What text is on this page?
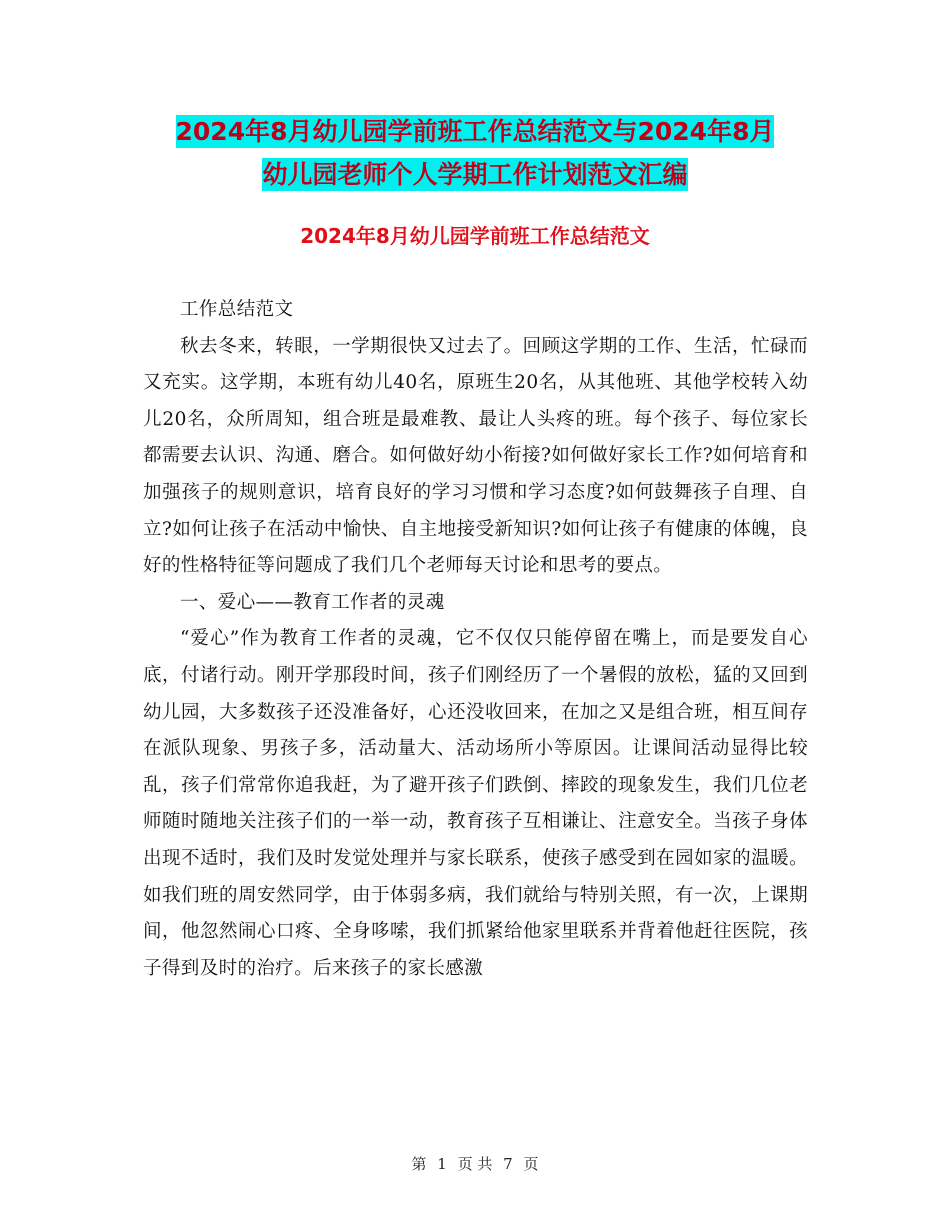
2024年8月幼儿园学前班工作总结范文与2024年8月
幼儿园老师个人学期工作计划范文汇编
2024年8月幼儿园学前班工作总结范文

工作总结范文

秋去冬来，转眼，一学期很快又过去了。回顾这学期的工作、生活，忙碌而又充实。这学期，本班有幼儿40名，原班生20名，从其他班、其他学校转入幼儿20名，众所周知，组合班是最难教、最让人头疼的班。每个孩子、每位家长都需要去认识、沟通、磨合。如何做好幼小衔接?如何做好家长工作?如何培育和加强孩子的规则意识，培育良好的学习习惯和学习态度?如何鼓舞孩子自理、自立?如何让孩子在活动中愉快、自主地接受新知识?如何让孩子有健康的体魄，良好的性格特征等问题成了我们几个老师每天讨论和思考的要点。

一、爱心——教育工作者的灵魂

“爱心”作为教育工作者的灵魂，它不仅仅只能停留在嘴上，而是要发自心底，付诸行动。刚开学那段时间，孩子们刚经历了一个暑假的放松，猛的又回到幼儿园，大多数孩子还没准备好，心还没收回来，在加之又是组合班，相互间存在派队现象、男孩子多，活动量大、活动场所小等原因。让课间活动显得比较乱，孩子们常常你追我赶，为了避开孩子们跌倒、摔跤的现象发生，我们几位老师随时随地关注孩子们的一举一动，教育孩子互相谦让、注意安全。当孩子身体出现不适时，我们及时发觉处理并与家长联系，使孩子感受到在园如家的温暖。如我们班的周安然同学，由于体弱多病，我们就给与特别关照，有一次，上课期间，他忽然闹心口疼、全身哆嗦，我们抓紧给他家里联系并背着他赶往医院，孩子得到及时的治疗。后来孩子的家长感激

第 1 页 共 7 页
